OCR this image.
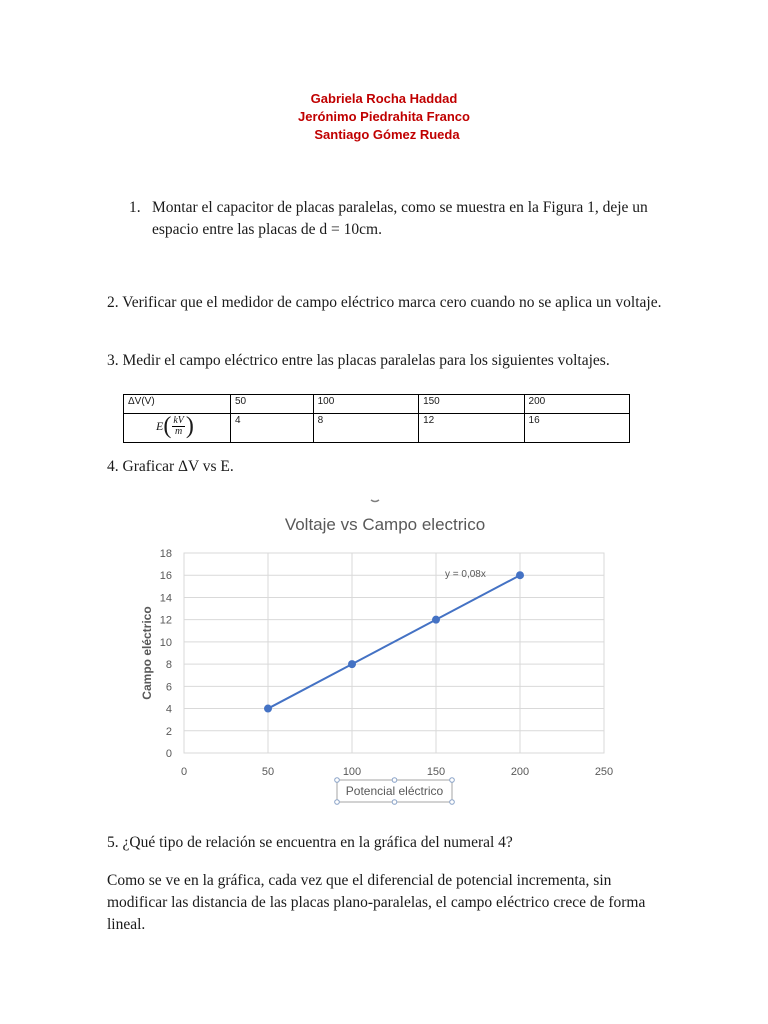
Gabriela Rocha Haddad
Jerónimo Piedrahita Franco
Santiago Gómez Rueda
1. Montar el capacitor de placas paralelas, como se muestra en la Figura 1, deje un espacio entre las placas de d = 10cm.
2. Verificar que el medidor de campo eléctrico marca cero cuando no se aplica un voltaje.
3. Medir el campo eléctrico entre las placas paralelas para los siguientes voltajes.
ΔV(V)	50	100	150	200

E ( $\frac{kV}{m}$ )	4	8	12	16
4. Graficar ΔV vs E.
Voltaje vs Campo electrico
0
2
4
6
8
10
12
14
16
18
0	50	100	150	200	250
y = 0,08x
Campo eléctrico
Potencial eléctrico
5. ¿Qué tipo de relación se encuentra en la gráfica del numeral 4?
Como se ve en la gráfica, cada vez que el diferencial de potencial incrementa, sin modificar las distancia de las placas plano-paralelas, el campo eléctrico crece de forma lineal.
